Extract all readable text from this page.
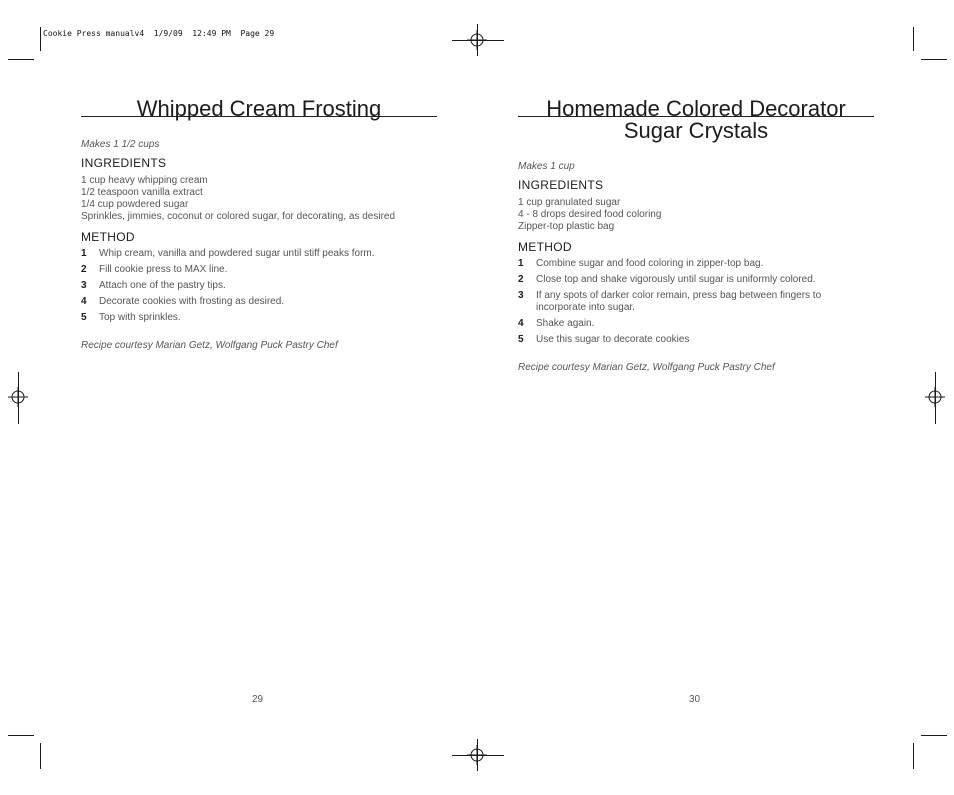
Cookie Press manualv4  1/9/09  12:49 PM  Page 29
Whipped Cream Frosting
Makes 1 1/2 cups
INGREDIENTS
1 cup heavy whipping cream
1/2 teaspoon vanilla extract
1/4 cup powdered sugar
Sprinkles, jimmies, coconut or colored sugar, for decorating, as desired
METHOD
1 Whip cream, vanilla and powdered sugar until stiff peaks form.
2 Fill cookie press to MAX line.
3 Attach one of the pastry tips.
4 Decorate cookies with frosting as desired.
5 Top with sprinkles.
Recipe courtesy Marian Getz, Wolfgang Puck Pastry Chef
29
Homemade Colored Decorator
Sugar Crystals
Makes 1 cup
INGREDIENTS
1 cup granulated sugar
4 - 8 drops desired food coloring
Zipper-top plastic bag
METHOD
1 Combine sugar and food coloring in zipper-top bag.
2 Close top and shake vigorously until sugar is uniformly colored.
3 If any spots of darker color remain, press bag between fingers to
incorporate into sugar.
4 Shake again.
5 Use this sugar to decorate cookies
Recipe courtesy Marian Getz, Wolfgang Puck Pastry Chef
30
